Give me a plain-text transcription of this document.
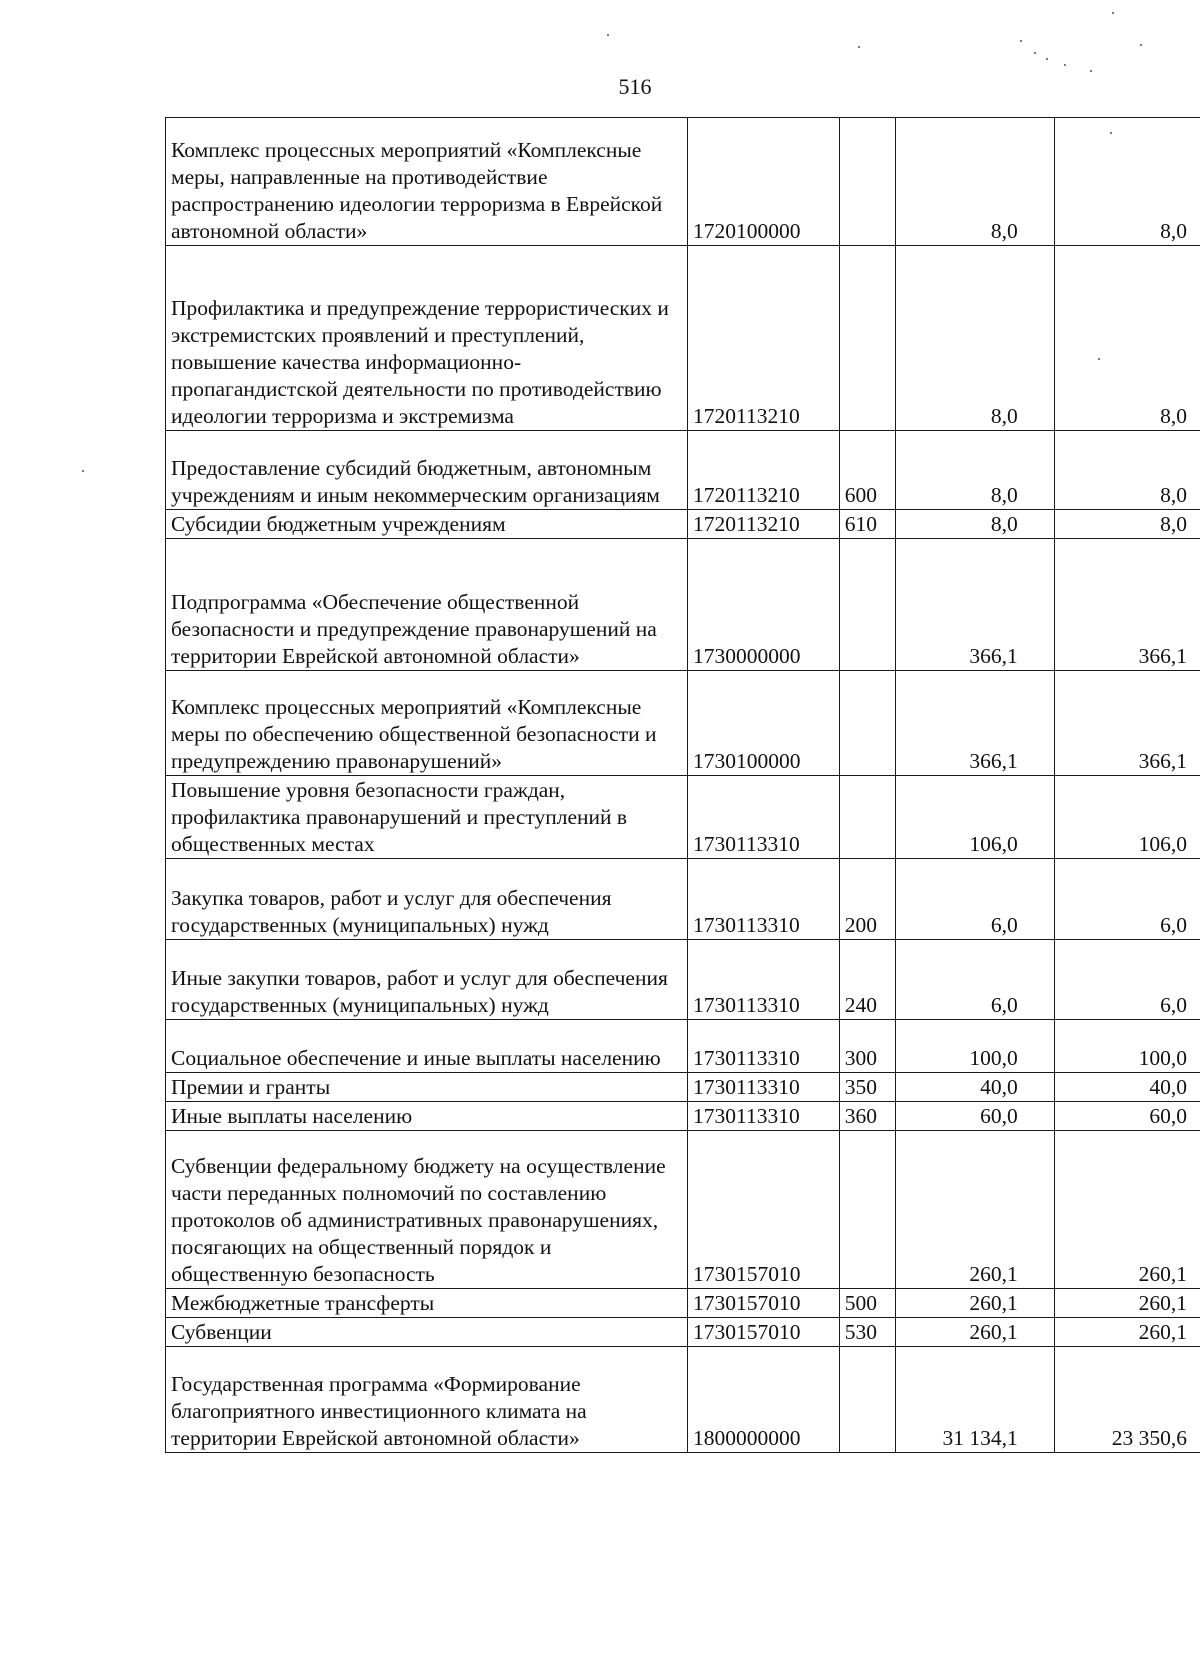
516
Комплекс процессных мероприятий «Комплексные меры, направленные на противодействие распространению идеологии терроризма в Еврейской автономной области»	1720100000		8,0	8,0
Профилактика и предупреждение террористических и экстремистских проявлений и преступлений, повышение качества информационно-пропагандистской деятельности по противодействию идеологии терроризма и экстремизма	1720113210		8,0	8,0
Предоставление субсидий бюджетным, автономным учреждениям и иным некоммерческим организациям	1720113210	600	8,0	8,0
Субсидии бюджетным учреждениям	1720113210	610	8,0	8,0
Подпрограмма «Обеспечение общественной безопасности и предупреждение правонарушений на территории Еврейской автономной области»	1730000000		366,1	366,1
Комплекс процессных мероприятий «Комплексные меры по обеспечению общественной безопасности и предупреждению правонарушений»	1730100000		366,1	366,1
Повышение уровня безопасности граждан, профилактика правонарушений и преступлений в общественных местах	1730113310		106,0	106,0
Закупка товаров, работ и услуг для обеспечения государственных (муниципальных) нужд	1730113310	200	6,0	6,0
Иные закупки товаров, работ и услуг для обеспечения государственных (муниципальных) нужд	1730113310	240	6,0	6,0
Социальное обеспечение и иные выплаты населению	1730113310	300	100,0	100,0
Премии и гранты	1730113310	350	40,0	40,0
Иные выплаты населению	1730113310	360	60,0	60,0
Субвенции федеральному бюджету на осуществление части переданных полномочий по составлению протоколов об административных правонарушениях, посягающих на общественный порядок и общественную безопасность	1730157010		260,1	260,1
Межбюджетные трансферты	1730157010	500	260,1	260,1
Субвенции	1730157010	530	260,1	260,1
Государственная программа «Формирование благоприятного инвестиционного климата на территории Еврейской автономной области»	1800000000		31 134,1	23 350,6
